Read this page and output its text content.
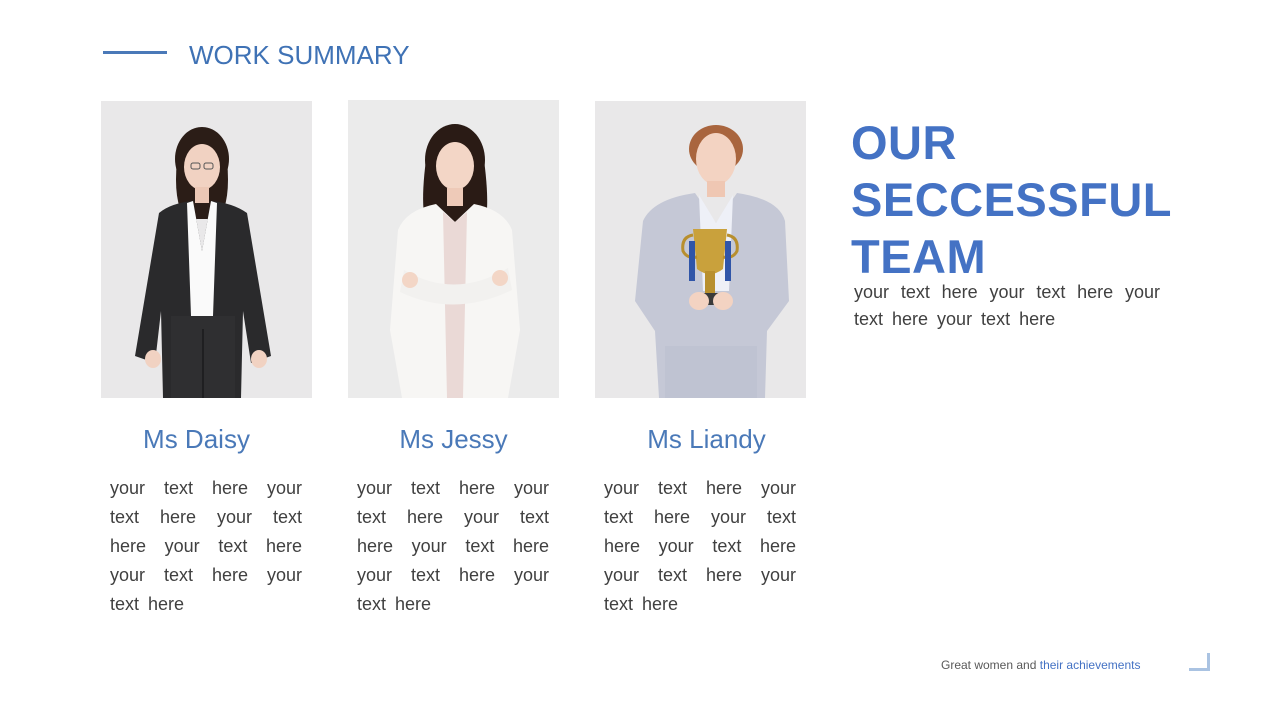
WORK SUMMARY
Ms Daisy
your text here your text here your text here your text here your text here your text here
Ms Jessy
your text here your text here your text here your text here your text here your text here
Ms Liandy
your text here your text here your text here your text here your text here your text here
OUR
SECCESSFUL
TEAM
your text here your text here your text here your text here
Great women and their achievements
